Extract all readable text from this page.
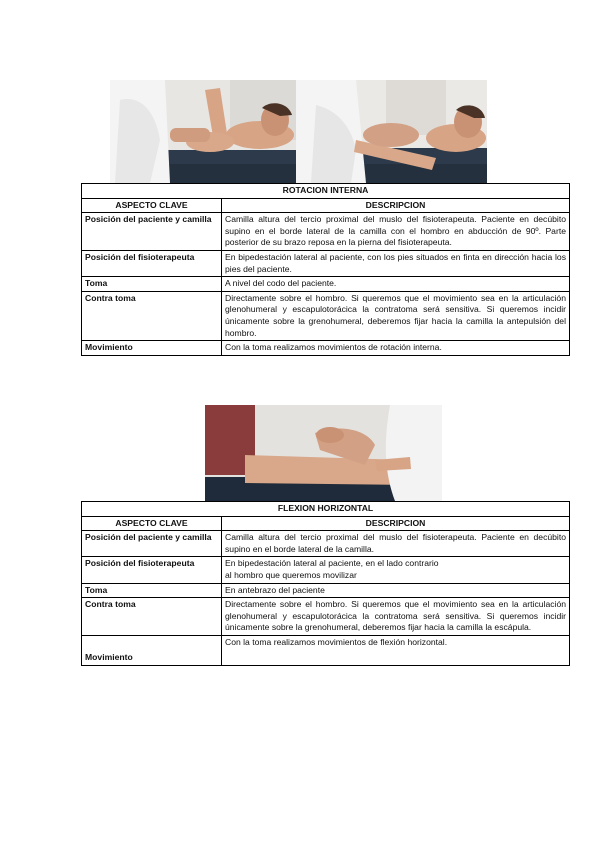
ROTACION INTERNA	
ASPECTO CLAVE	DESCRIPCION
Posición del paciente y camilla	Camilla altura del tercio proximal del muslo del fisioterapeuta. Paciente en decúbito supino en el borde lateral de la camilla con el hombro en abducción de 90º. Parte posterior de su brazo reposa en la pierna del fisioterapeuta.
Posición del fisioterapeuta	En bipedestación lateral al paciente, con los pies situados en finta en dirección hacia los pies del paciente.
Toma	A nivel del codo del paciente.
Contra toma	Directamente sobre el hombro. Si queremos que el movimiento sea en la articulación glenohumeral y escapulotorácica la contratoma será sensitiva. Si queremos incidir únicamente sobre la grenohumeral, deberemos fijar hacia la camilla la antepulsión del hombro.
Movimiento	Con la toma realizamos movimientos de rotación interna.
FLEXION HORIZONTAL	
ASPECTO CLAVE	DESCRIPCION
Posición del paciente y camilla	Camilla altura del tercio proximal del muslo del fisioterapeuta. Paciente en decúbito supino en el borde lateral de la camilla.
Posición del fisioterapeuta	En bipedestación lateral al paciente, en el lado contrario
al hombro que queremos movilizar

Toma	En antebrazo del paciente
Contra toma	Directamente sobre el hombro. Si queremos que el movimiento sea en la articulación glenohumeral y escapulotorácica la contratoma será sensitiva. Si queremos incidir únicamente sobre la grenohumeral, deberemos fijar hacia la camilla la escápula.
Movimiento	Con la toma realizamos movimientos de flexión horizontal.
